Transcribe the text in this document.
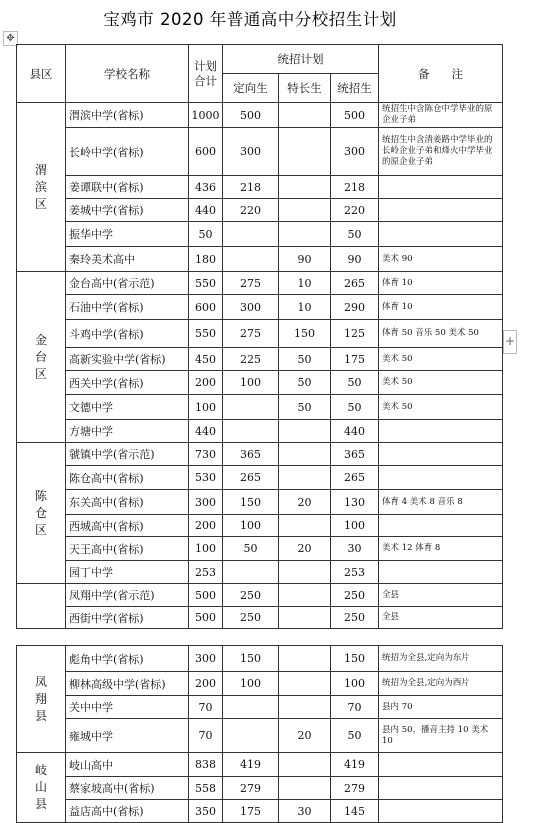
宝鸡市 2020 年普通高中分校招生计划
✥
+
县区	学校名称	计划合计	统招计划			备      注
			定向生	特长生	统招生	
渭滨区	渭滨中学(省标)	1000	500		500	统招生中含陈仓中学毕业的原企业子弟
	长岭中学(省标)	600	300		300	统招生中含清姜路中学毕业的长岭企业子弟和烽火中学毕业的原企业子弟
	姜谭联中(省标)	436	218		218	
	姜城中学(省标)	440	220		220	
	振华中学	50			50	
	秦玲美术高中	180		90	90	美术 90
金台区	金台高中(省示范)	550	275	10	265	体育 10
	石油中学(省标)	600	300	10	290	体育 10
	斗鸡中学(省标)	550	275	150	125	体育 50 音乐 50 美术 50
	高新实验中学(省标)	450	225	50	175	美术 50
	西关中学(省标)	200	100	50	50	美术 50
	文德中学	100		50	50	美术 50
	方塘中学	440			440	
陈仓区	虢镇中学(省示范)	730	365		365	
	陈仓高中(省标)	530	265		265	
	东关高中(省标)	300	150	20	130	体育 4 美术 8 音乐 8
	西城高中(省标)	200	100		100	
	天王高中(省标)	100	50	20	30	美术 12 体育 8
	园丁中学	253			253	
	凤翔中学(省示范)	500	250		250	全县
	西街中学(省标)	500	250		250	全县
凤翔县	彪角中学(省标)	300	150		150	统招为全县,定向为东片
	柳林高级中学(省标)	200	100		100	统招为全县,定向为西片
	关中中学	70			70	县内 70
	雍城中学	70		20	50	县内 50，播音主持 10 美术 10
岐山县	岐山高中	838	419		419	
	蔡家坡高中(省标)	558	279		279	
	益店高中(省标)	350	175	30	145	
